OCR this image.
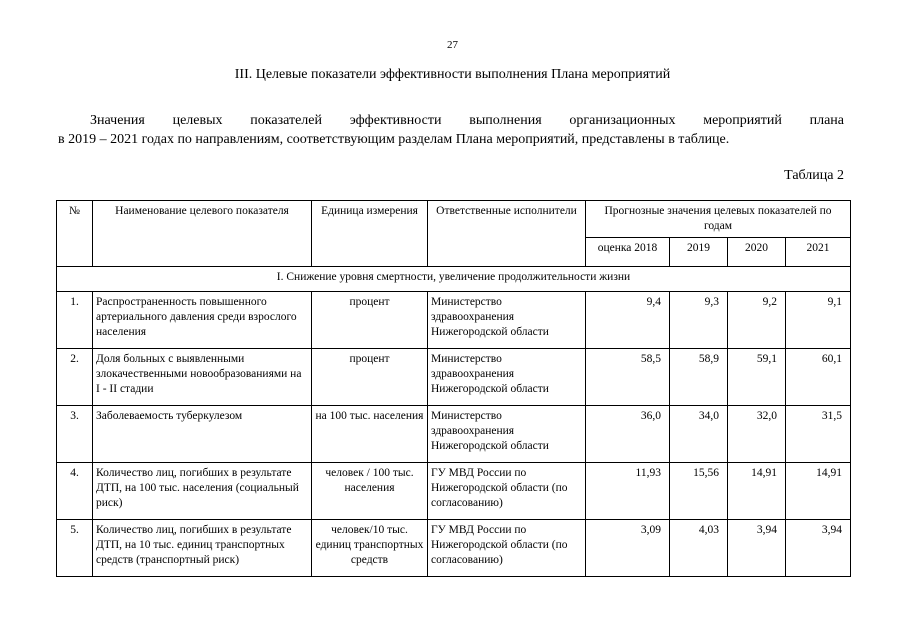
27
III. Целевые показатели эффективности выполнения Плана мероприятий
Значения целевых показателей эффективности выполнения организационных мероприятий плана
в 2019 – 2021 годах по направлениям, соответствующим разделам Плана мероприятий, представлены в таблице.
Таблица 2
№	Наименование целевого показателя	Единица измерения	Ответственные исполнители	Прогнозные значения целевых показателей по годам			
				оценка 2018	2019	2020	2021
I. Снижение уровня смертности, увеличение продолжительности жизни							
1.	Распространенность повышенного артериального давления среди взрослого населения	процент	Министерство здравоохранения Нижегородской области	9,4	9,3	9,2	9,1
2.	Доля больных с выявленными злокачественными новообразованиями на I - II стадии	процент	Министерство здравоохранения Нижегородской области	58,5	58,9	59,1	60,1
3.	Заболеваемость туберкулезом	на 100 тыс. населения	Министерство здравоохранения Нижегородской области	36,0	34,0	32,0	31,5
4.	Количество лиц, погибших в результате ДТП, на 100 тыс. населения (социальный риск)	человек / 100 тыс. населения	ГУ МВД России по Нижегородской области (по согласованию)	11,93	15,56	14,91	14,91
5.	Количество лиц, погибших в результате ДТП, на 10 тыс. единиц транспортных средств (транспортный риск)	человек/10 тыс. единиц транспортных средств	ГУ МВД России по Нижегородской области (по согласованию)	3,09	4,03	3,94	3,94
